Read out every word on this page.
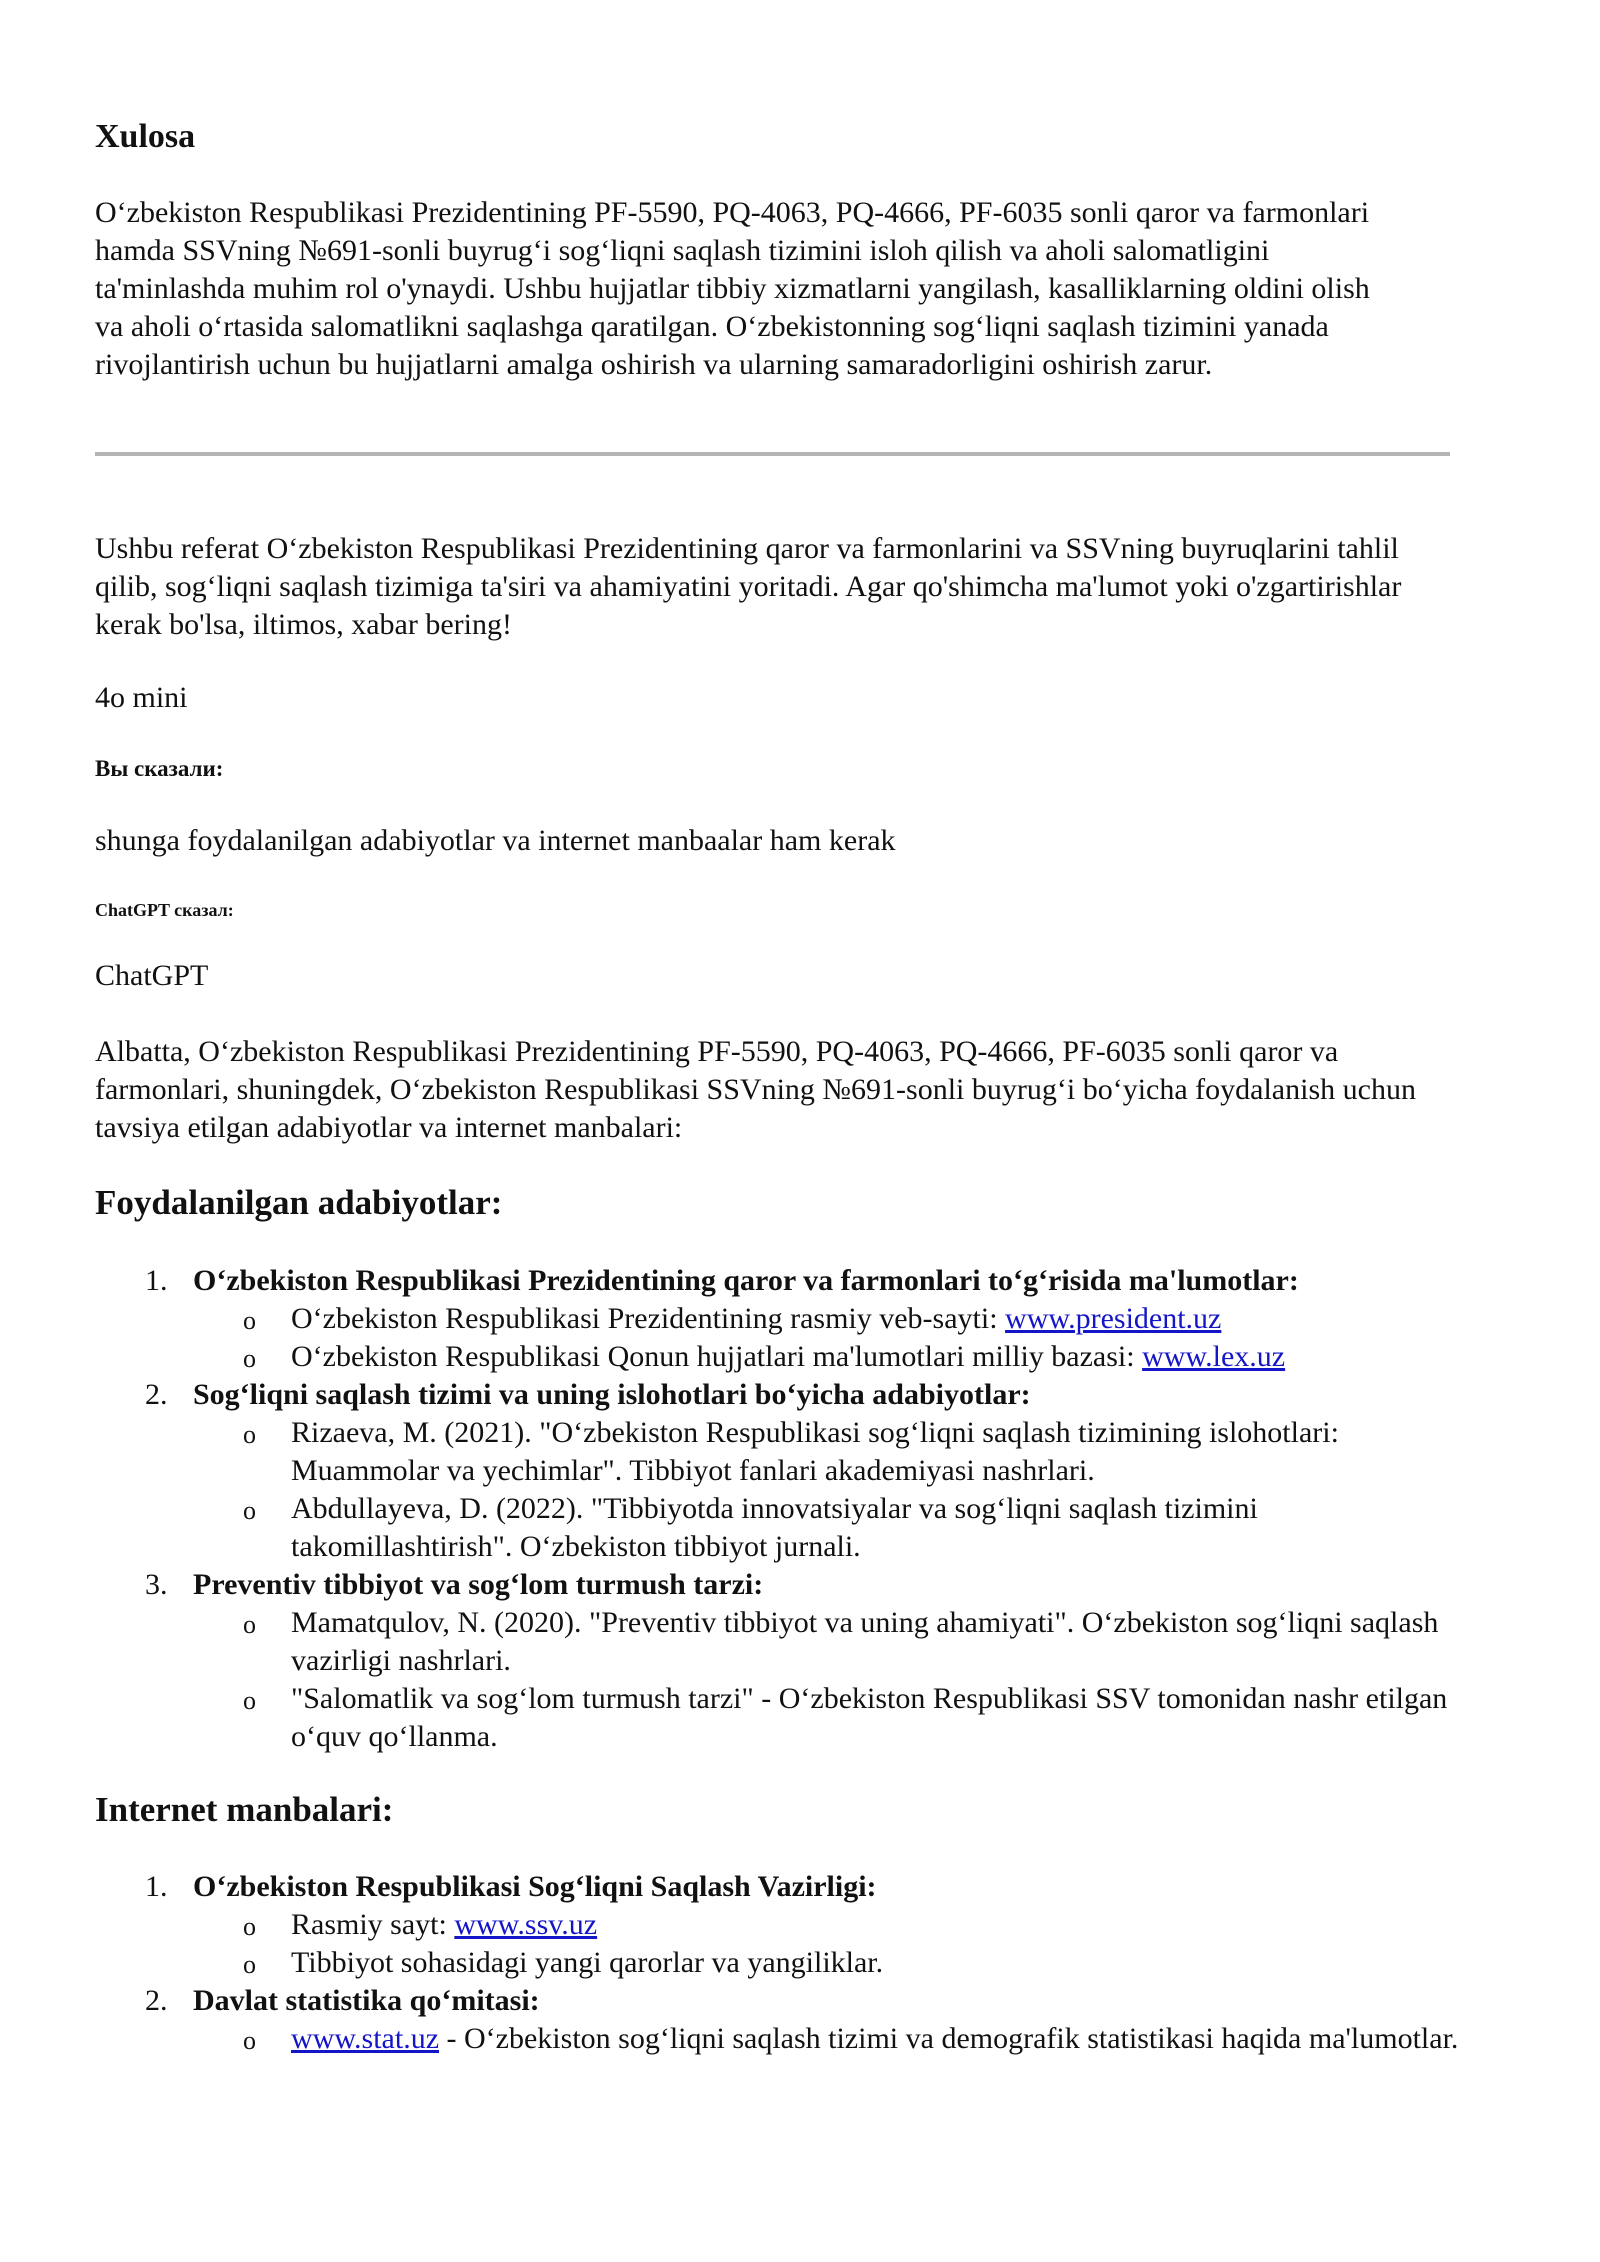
Xulosa

O‘zbekiston Respublikasi Prezidentining PF-5590, PQ-4063, PQ-4666, PF-6035 sonli qaror va farmonlari hamda SSVning №691-sonli buyrug‘i sog‘liqni saqlash tizimini isloh qilish va aholi salomatligini ta'minlashda muhim rol o'ynaydi. Ushbu hujjatlar tibbiy xizmatlarni yangilash, kasalliklarning oldini olish va aholi o‘rtasida salomatlikni saqlashga qaratilgan. O‘zbekistonning sog‘liqni saqlash tizimini yanada rivojlantirish uchun bu hujjatlarni amalga oshirish va ularning samaradorligini oshirish zarur.

Ushbu referat O‘zbekiston Respublikasi Prezidentining qaror va farmonlarini va SSVning buyruqlarini tahlil qilib, sog‘liqni saqlash tizimiga ta'siri va ahamiyatini yoritadi. Agar qo'shimcha ma'lumot yoki o'zgartirishlar kerak bo'lsa, iltimos, xabar bering!

4o mini

Вы сказали:

shunga foydalanilgan adabiyotlar va internet manbaalar ham kerak

ChatGPT сказал:

ChatGPT

Albatta, O‘zbekiston Respublikasi Prezidentining PF-5590, PQ-4063, PQ-4666, PF-6035 sonli qaror va farmonlari, shuningdek, O‘zbekiston Respublikasi SSVning №691-sonli buyrug‘i bo‘yicha foydalanish uchun tavsiya etilgan adabiyotlar va internet manbalari:

Foydalanilgan adabiyotlar:
1. O‘zbekiston Respublikasi Prezidentining qaror va farmonlari to‘g‘risida ma'lumotlar:
o O‘zbekiston Respublikasi Prezidentining rasmiy veb-sayti: www.president.uz
o O‘zbekiston Respublikasi Qonun hujjatlari ma'lumotlari milliy bazasi: www.lex.uz
2. Sog‘liqni saqlash tizimi va uning islohotlari bo‘yicha adabiyotlar:
o Rizaeva, M. (2021). "O‘zbekiston Respublikasi sog‘liqni saqlash tizimining islohotlari: Muammolar va yechimlar". Tibbiyot fanlari akademiyasi nashrlari.
o Abdullayeva, D. (2022). "Tibbiyotda innovatsiyalar va sog‘liqni saqlash tizimini takomillashtirish". O‘zbekiston tibbiyot jurnali.
3. Preventiv tibbiyot va sog‘lom turmush tarzi:
o Mamatqulov, N. (2020). "Preventiv tibbiyot va uning ahamiyati". O‘zbekiston sog‘liqni saqlash vazirligi nashrlari.
o "Salomatlik va sog‘lom turmush tarzi" - O‘zbekiston Respublikasi SSV tomonidan nashr etilgan o‘quv qo‘llanma.
Internet manbalari:
1. O‘zbekiston Respublikasi Sog‘liqni Saqlash Vazirligi:
o Rasmiy sayt: www.ssv.uz
o Tibbiyot sohasidagi yangi qarorlar va yangiliklar.
2. Davlat statistika qo‘mitasi:
o www.stat.uz - O‘zbekiston sog‘liqni saqlash tizimi va demografik statistikasi haqida ma'lumotlar.
